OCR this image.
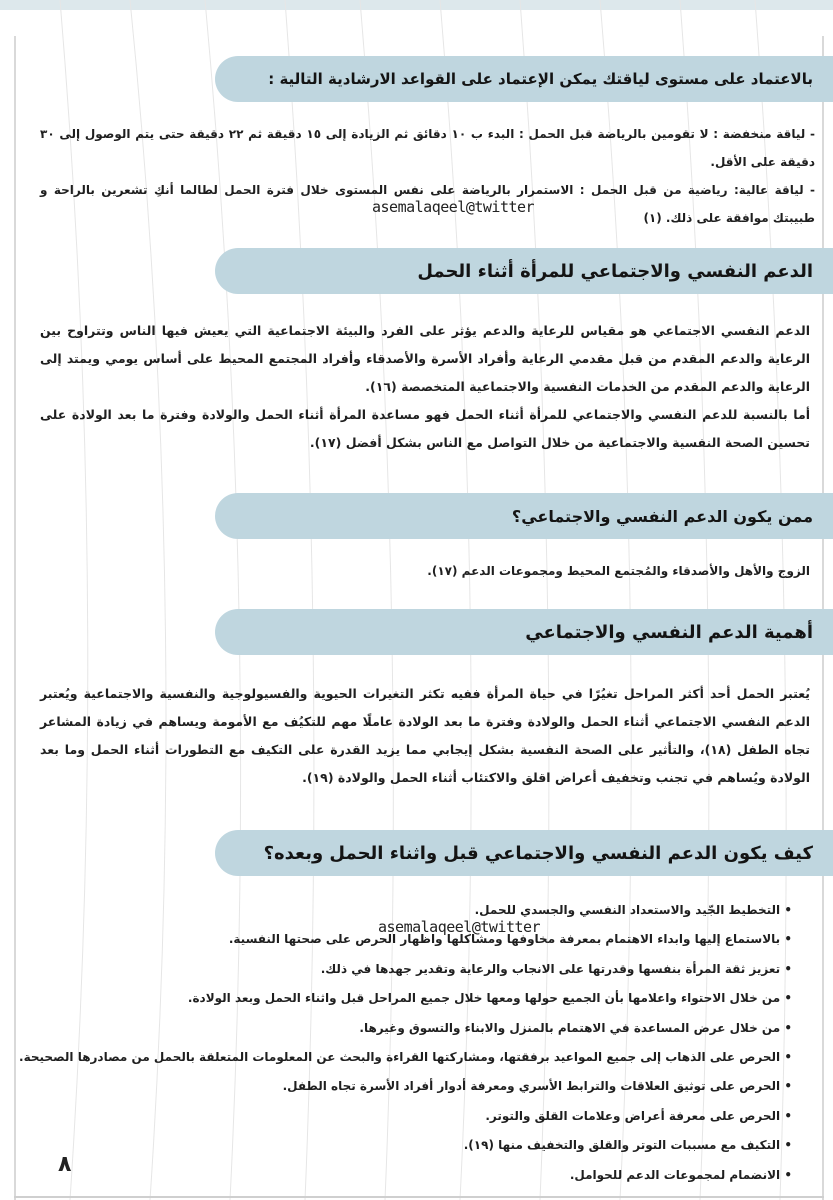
بالاعتماد على مستوى لياقتك يمكن الإعتماد على القواعد الارشادية التالية :

- لياقة منخفضة : لا تقومين بالرياضة قبل الحمل : البدء ب ١٠ دقائق ثم الزيادة إلى ١٥ دقيقة ثم ٢٢ دقيقة حتى يتم الوصول إلى ٣٠ دقيقة على الأقل.

- لياقة عالية: رياضية من قبل الحمل : الاستمرار بالرياضة على نفس المستوى خلال فترة الحمل لطالما أنكِ تشعرين بالراحة و طبيبتك موافقة على ذلك. (١)

asemalaqeel@twitter
الدعم النفسي والاجتماعي للمرأة أثناء الحمل

الدعم النفسي الاجتماعي هو مقياس للرعاية والدعم يؤثر على الفرد والبيئة الاجتماعية التي يعيش فيها الناس وتتراوح بين الرعاية والدعم المقدم من قبل مقدمي الرعاية وأفراد الأسرة والأصدقاء وأفراد المجتمع المحيط على أساس يومي ويمتد إلى الرعاية والدعم المقدم من الخدمات النفسية والاجتماعية المتخصصة (١٦).

أما بالنسبة للدعم النفسي والاجتماعي للمرأة أثناء الحمل فهو مساعدة المرأة أثناء الحمل والولادة وفترة ما بعد الولادة على تحسين الصحة النفسية والاجتماعية من خلال التواصل مع الناس بشكل أفضل (١٧).

ممن يكون الدعم النفسي والاجتماعي؟

الزوج والأهل والأصدقاء والمُجتمع المحيط ومجموعات الدعم (١٧).

أهمية الدعم النفسي والاجتماعي

يُعتبر الحمل أحد أكثر المراحل تغيُرًا في حياة المرأة ففيه تكثر التغيرات الحيوية والفسيولوجية والنفسية والاجتماعية ويُعتبر الدعم النفسي الاجتماعي أثناء الحمل والولادة وفترة ما بعد الولادة عاملًا مهم للتكيُف مع الأمومة ويساهم في زيادة المشاعر تجاه الطفل (١٨)، والتأثير على الصحة النفسية بشكل إيجابي مما يزيد القدرة على التكيف مع التطورات أثناء الحمل وما بعد الولادة ويُساهم في تجنب وتخفيف أعراض اقلق والاكتئاب أثناء الحمل والولادة (١٩).

كيف يكون الدعم النفسي والاجتماعي قبل واثناء الحمل وبعده؟
• التخطيط الجّيد والاستعداد النفسي والجسدي للحمل.
• بالاستماع إليها وابداء الاهتمام بمعرفة مخاوفها ومشاكلها واظهار الحرص على صحتها النفسية.
• تعزيز ثقة المرأة بنفسها وقدرتها على الانجاب والرعاية وتقدير جهدها في ذلك.
• من خلال الاحتواء واعلامها بأن الجميع حولها ومعها خلال جميع المراحل قبل واثناء الحمل وبعد الولادة.
• من خلال عرض المساعدة في الاهتمام بالمنزل والابناء والتسوق وغيرها.
• الحرص على الذهاب إلى جميع المواعيد برفقتها، ومشاركتها القراءة والبحث عن المعلومات المتعلقة بالحمل من مصادرها الصحيحة.
• الحرص على توثيق العلاقات والترابط الأسري ومعرفة أدوار أفراد الأسرة تجاه الطفل.
• الحرص على معرفة أعراض وعلامات القلق والتوتر.
• التكيف مع مسببات التوتر والقلق والتخفيف منها (١٩).
• الانضمام لمجموعات الدعم للحوامل.
asemalaqeel@twitter
٨
